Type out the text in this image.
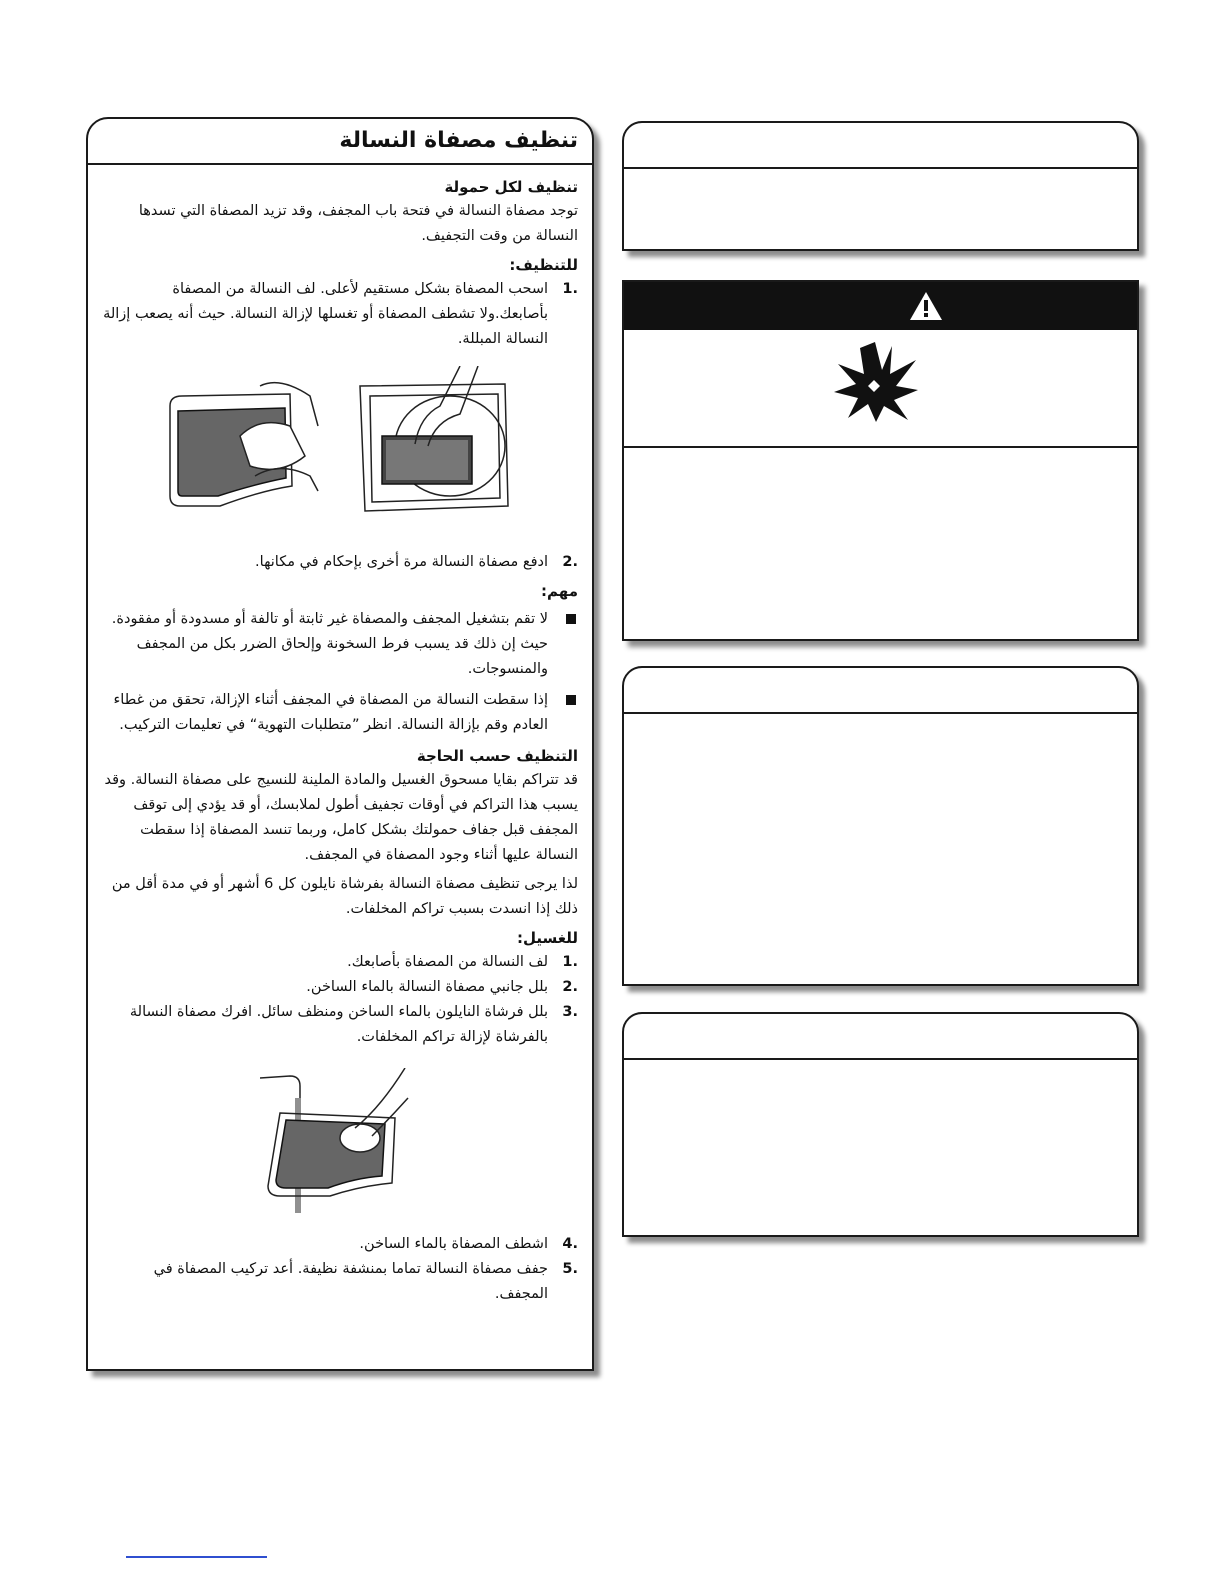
تنظيف مصفاة النسالة
تنظيف لكل حمولة
توجد مصفاة النسالة في فتحة باب المجفف، وقد تزيد المصفاة التي تسدها النسالة من وقت التجفيف.
للتنظيف:
.1
اسحب المصفاة بشكل مستقيم لأعلى. لف النسالة من المصفاة بأصابعك.ولا تشطف المصفاة أو تغسلها لإزالة النسالة. حيث أنه يصعب إزالة النسالة المبللة.
.2
ادفع مصفاة النسالة مرة أخرى بإحكام في مكانها.
مهم:
لا تقم بتشغيل المجفف والمصفاة غير ثابتة أو تالفة أو مسدودة أو مفقودة. حيث إن ذلك قد يسبب فرط السخونة وإلحاق الضرر بكل من المجفف والمنسوجات.
إذا سقطت النسالة من المصفاة في المجفف أثناء الإزالة، تحقق من غطاء العادم وقم بإزالة النسالة. انظر ”متطلبات التهوية“ في تعليمات التركيب.
التنظيف حسب الحاجة
قد تتراكم بقايا مسحوق الغسيل والمادة الملينة للنسيج على مصفاة النسالة. وقد يسبب هذا التراكم في أوقات تجفيف أطول لملابسك، أو قد يؤدي إلى توقف المجفف قبل جفاف حمولتك بشكل كامل، وربما تنسد المصفاة إذا سقطت النسالة عليها أثناء وجود المصفاة في المجفف.
لذا يرجى تنظيف مصفاة النسالة بفرشاة نايلون كل 6 أشهر أو في مدة أقل من ذلك إذا انسدت بسبب تراكم المخلفات.
للغسيل:
.1
لف النسالة من المصفاة بأصابعك.
.2
بلل جانبي مصفاة النسالة بالماء الساخن.
.3
بلل فرشاة النايلون بالماء الساخن ومنظف سائل. افرك مصفاة النسالة بالفرشاة لإزالة تراكم المخلفات.
.4
اشطف المصفاة بالماء الساخن.
.5
جفف مصفاة النسالة تماما بمنشفة نظيفة. أعد تركيب المصفاة في المجفف.
